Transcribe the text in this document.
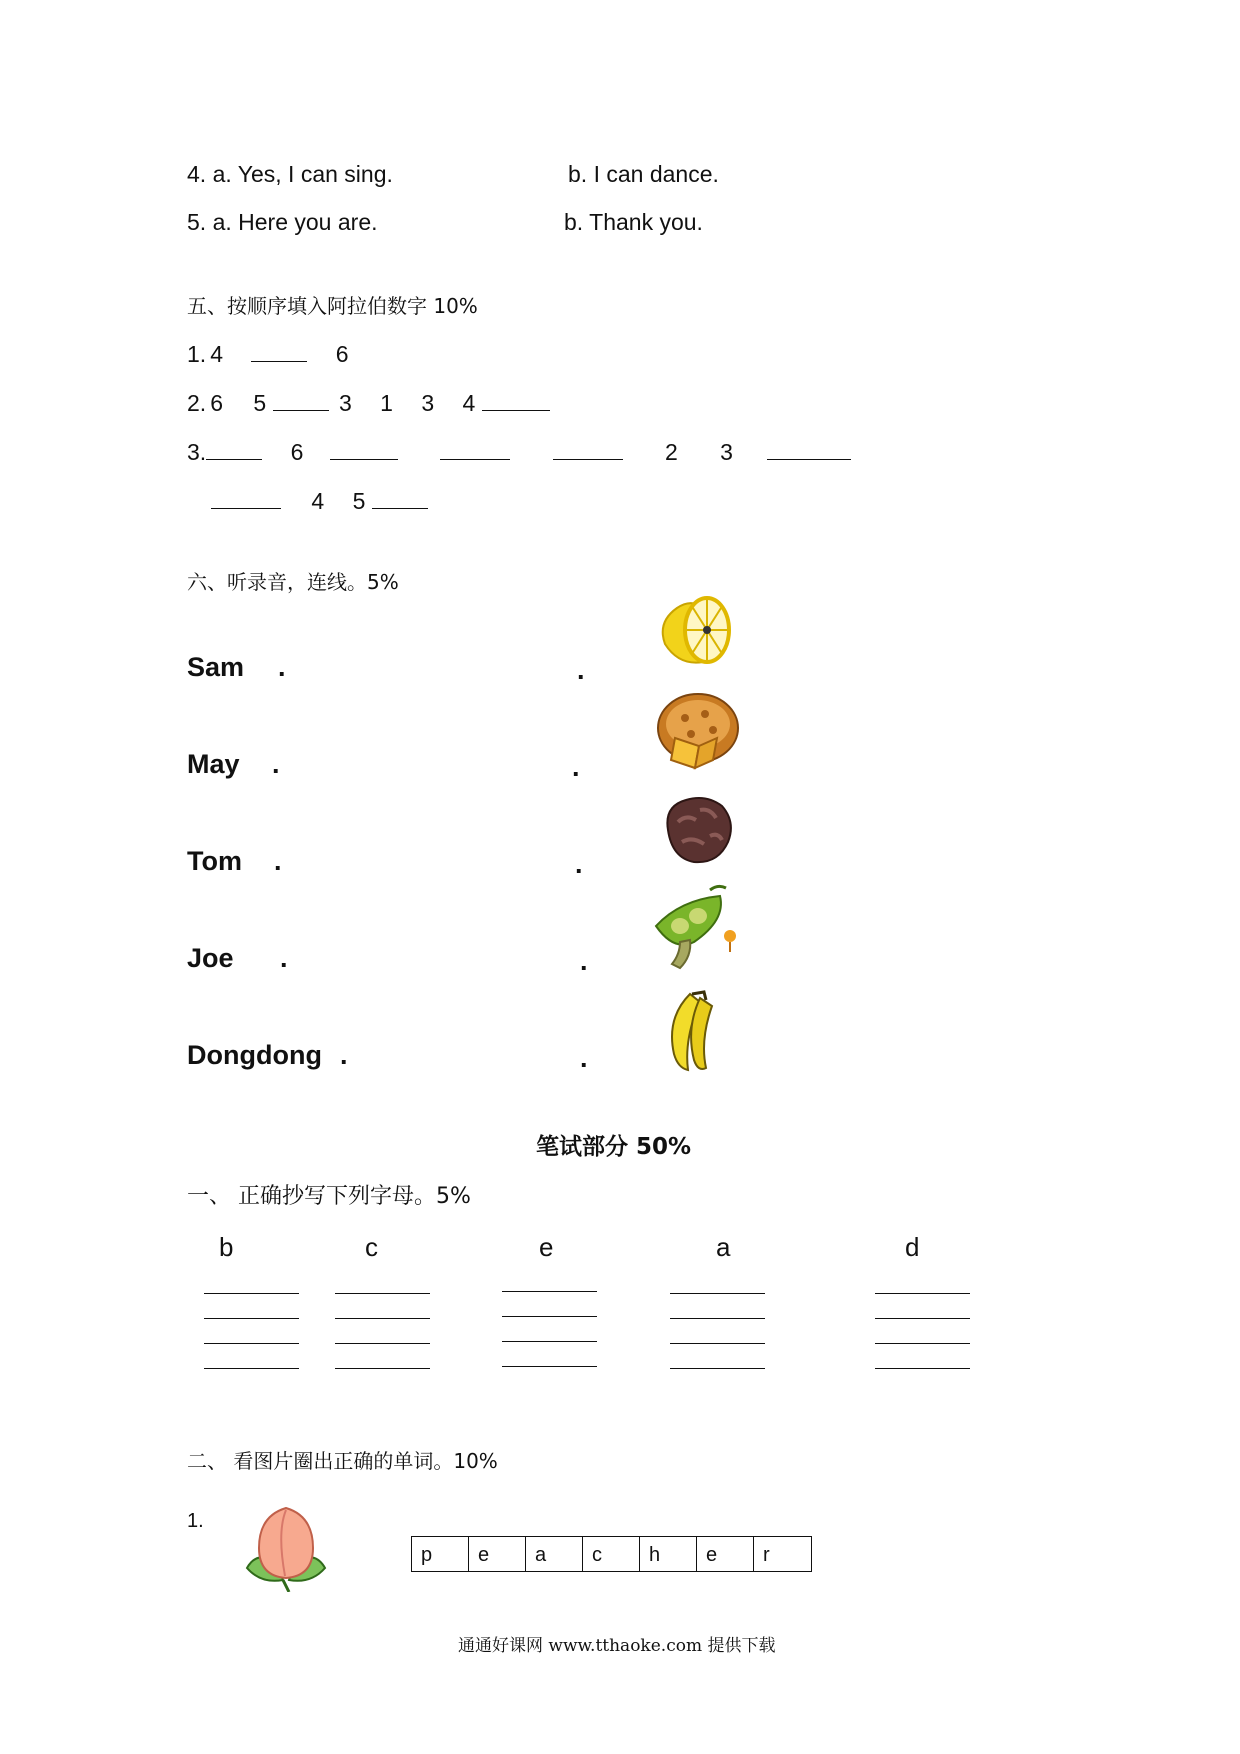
4. a. Yes, I can sing.	b. I can dance.
5. a. Here you are.	b. Thank you.
五、按顺序填入阿拉伯数字 10%
1. 4	6
2. 6 5	3 1 3 4
3.	6	2 3
4 5
六、听录音，连线。5%
Sam .	.
May .	.
Tom .	.
Joe .	.
Dongdong .	.
笔试部分 50%
一、 正确抄写下列字母。5%
b	c	e	a	d
二、 看图片圈出正确的单词。10%
1.
p	e	a	c	h	e	r
通通好课网 www.tthaoke.com 提供下载
